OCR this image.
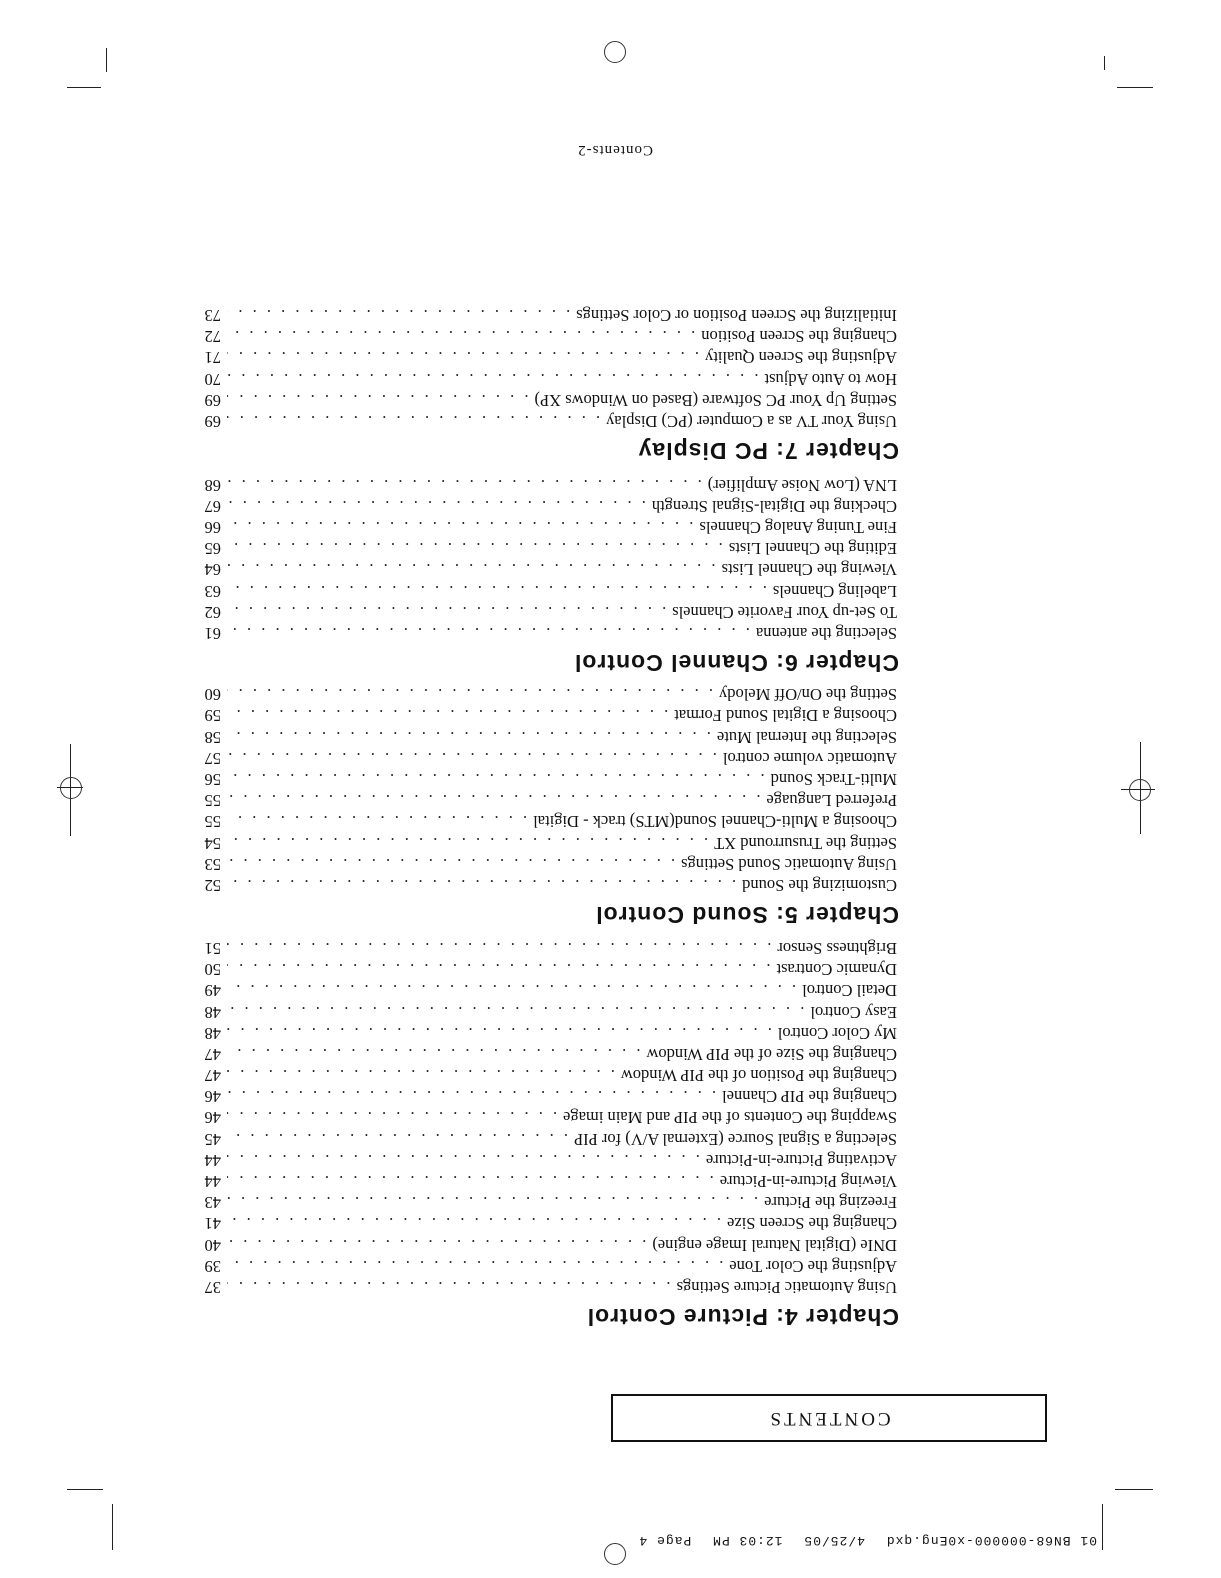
01 BN68-000000-x0Eng.qxd 4/25/05 12:03 PM Page 4
CONTENTS
Chapter 4: Picture Control
Using Automatic Picture Settings
. . .
37
Adjusting the Color Tone
. . .
39
DNIe (Digital Natural Image engine)
. . .
40
Changing the Screen Size
. . .
41
Freezing the Picture
. . .
43
Viewing Picture-in-Picture
. . .
44
Activating Picture-in-Picture
. . .
44
Selecting a Signal Source (External A/V) for PIP
. . .
45
Swapping the Contents of the PIP and Main image
. . .
46
Changing the PIP Channel
. . .
46
Changing the Position of the PIP Window
. . .
47
Changing the Size of the PIP Window
. . .
47
My Color Control
. . .
48
Easy Control
. . .
48
Detail Control
. . .
49
Dynamic Contrast
. . .
50
Brightness Sensor
. . .
51
Chapter 5: Sound Control
Customizing the Sound
. . .
52
Using Automatic Sound Settings
. . .
53
Setting the Trusurround XT
. . .
54
Choosing a Multi-Channel Sound(MTS) track - Digital
. . .
55
Preferred Language
. . .
55
Multi-Track Sound
. . .
56
Automatic volume control
. . .
57
Selecting the Internal Mute
. . .
58
Choosing a Digital Sound Format
. . .
59
Setting the On/Off Melody
. . .
60
Chapter 6: Channel Control
Selecting the antenna
. . .
61
To Set-up Your Favorite Channels
. . .
62
Labeling Channels
. . .
63
Viewing the Channel Lists
. . .
64
Editing the Channel Lists
. . .
65
Fine Tuning Analog Channels
. . .
66
Checking the Digital-Signal Strength
. . .
67
LNA (Low Noise Amplifier)
. . .
68
Chapter 7: PC Display
Using Your TV as a Computer (PC) Display
. . .
69
Setting Up Your PC Software (Based on Windows XP)
. . .
69
How to Auto Adjust
. . .
70
Adjusting the Screen Quality
. . .
71
Changing the Screen Position
. . .
72
Initializing the Screen Position or Color Settings
. . .
73
Contents-2
